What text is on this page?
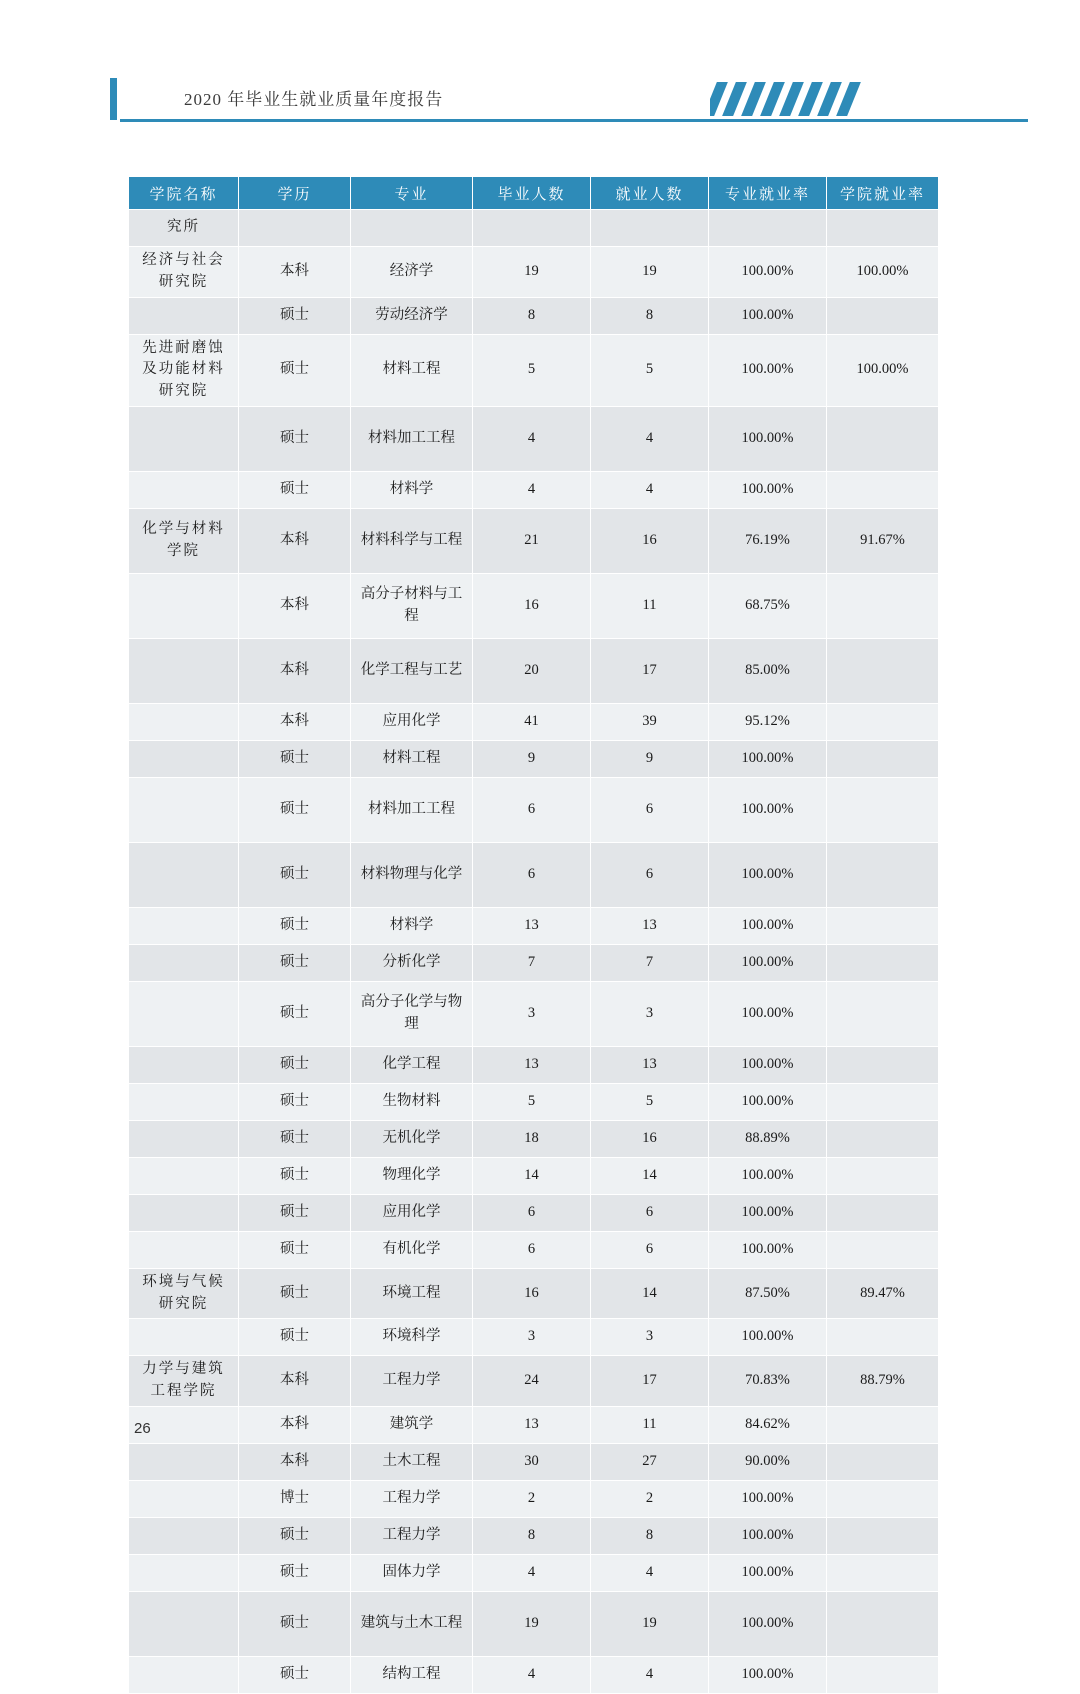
2020 年毕业生就业质量年度报告
学院名称	学历	专业	毕业人数	就业人数	专业就业率	学院就业率
究所						
经济与社会研究院	本科	经济学	19	19	100.00%	100.00%
	硕士	劳动经济学	8	8	100.00%	
先进耐磨蚀及功能材料研究院	硕士	材料工程	5	5	100.00%	100.00%
	硕士	材料加工工程	4	4	100.00%	
	硕士	材料学	4	4	100.00%	
化学与材料学院	本科	材料科学与工程	21	16	76.19%	91.67%
	本科	高分子材料与工程	16	11	68.75%	
	本科	化学工程与工艺	20	17	85.00%	
	本科	应用化学	41	39	95.12%	
	硕士	材料工程	9	9	100.00%	
	硕士	材料加工工程	6	6	100.00%	
	硕士	材料物理与化学	6	6	100.00%	
	硕士	材料学	13	13	100.00%	
	硕士	分析化学	7	7	100.00%	
	硕士	高分子化学与物理	3	3	100.00%	
	硕士	化学工程	13	13	100.00%	
	硕士	生物材料	5	5	100.00%	
	硕士	无机化学	18	16	88.89%	
	硕士	物理化学	14	14	100.00%	
	硕士	应用化学	6	6	100.00%	
	硕士	有机化学	6	6	100.00%	
环境与气候研究院	硕士	环境工程	16	14	87.50%	89.47%
	硕士	环境科学	3	3	100.00%	
力学与建筑工程学院	本科	工程力学	24	17	70.83%	88.79%
	本科	建筑学	13	11	84.62%	
	本科	土木工程	30	27	90.00%	
	博士	工程力学	2	2	100.00%	
	硕士	工程力学	8	8	100.00%	
	硕士	固体力学	4	4	100.00%	
	硕士	建筑与土木工程	19	19	100.00%	
	硕士	结构工程	4	4	100.00%	
26
